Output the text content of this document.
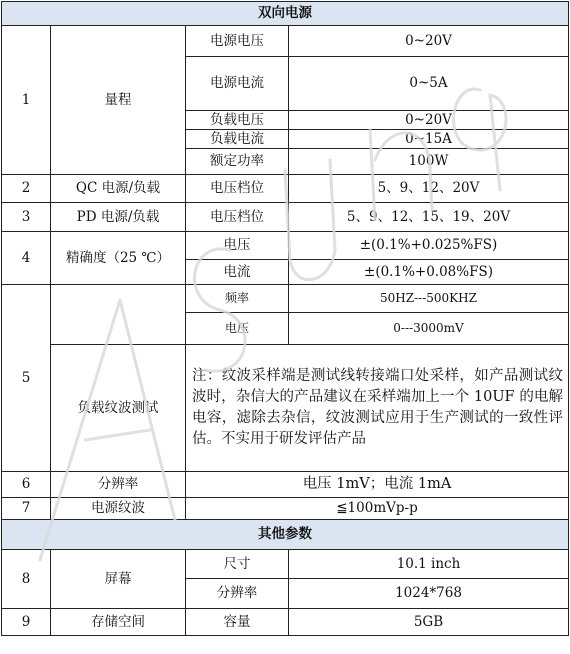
双向电源			
1	量程	电源电压	0~20V
		电源电流	0~5A
		负载电压	0~20V
		负载电流	0~15A
		额定功率	100W
2	QC 电源/负载	电压档位	5、9、12、20V
3	PD 电源/负载	电压档位	5、9、12、15、19、20V
4	精确度（25 ℃）	电压	±(0.1%+0.025%FS)
		电流	±(0.1%+0.08%FS)
5		频率	50HZ---500KHZ
		电压	0---3000mV
	负载纹波测试	注：纹波采样端是测试线转接端口处采样，如产品测试纹波时，杂信大的产品建议在采样端加上一个 10UF 的电解电容，滤除去杂信，纹波测试应用于生产测试的一致性评估。不实用于研发评估产品	
6	分辨率	电压 1mV；电流 1mA	
7	电源纹波	≦100mVp-p	
其他参数			
8	屏幕	尺寸	10.1 inch
		分辨率	1024*768
9	存储空间	容量	5GB
